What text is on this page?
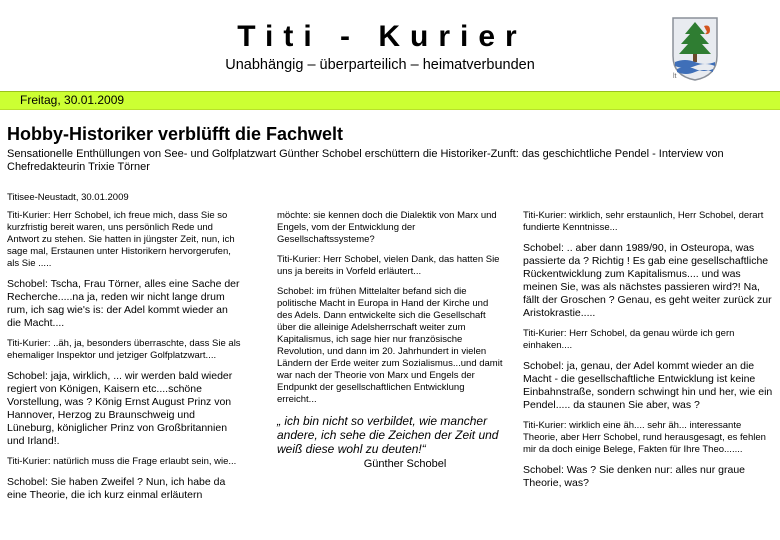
Titi - Kurier
Unabhängig – überparteilich – heimatverbunden
lt
Freitag, 30.01.2009
Hobby-Historiker verblüfft die Fachwelt
Sensationelle Enthüllungen von See- und Golfplatzwart Günther Schobel erschüttern die Historiker-Zunft: das geschichtliche Pendel - Interview von Chefredakteurin Trixie Törner
Titisee-Neustadt, 30.01.2009

Titi-Kurier: Herr Schobel, ich freue mich, dass Sie so kurzfristig bereit waren, uns persönlich Rede und Antwort zu stehen. Sie hatten in jüngster Zeit, nun, ich sage mal, Erstaunen unter Historikern hervorgerufen, als Sie .....

Schobel: Tscha, Frau Törner, alles eine Sache der Recherche.....na ja, reden wir nicht lange drum rum, ich sag wie's is: der Adel kommt wieder an die Macht....

Titi-Kurier: ..äh, ja, besonders überraschte, dass Sie als ehemaliger Inspektor und jetziger Golfplatzwart....

Schobel: jaja, wirklich, ... wir werden bald wieder regiert von Königen, Kaisern etc....schöne Vorstellung, was ? König Ernst August Prinz von Hannover, Herzog zu Braunschweig und Lüneburg, königlicher Prinz von Großbritannien und Irland!.

Titi-Kurier: natürlich muss die Frage erlaubt sein, wie...

Schobel: Sie haben Zweifel ? Nun, ich habe da eine Theorie, die ich kurz einmal erläutern

möchte: sie kennen doch die Dialektik von Marx und Engels, vom der Entwicklung der Gesellschaftssysteme?

Titi-Kurier: Herr Schobel, vielen Dank, das hatten Sie uns ja bereits in Vorfeld erläutert...

Schobel: im frühen Mittelalter befand sich die politische Macht in Europa in Hand der Kirche und des Adels. Dann entwickelte sich die Gesellschaft über die alleinige Adelsherrschaft weiter zum Kapitalismus, ich sage hier nur französische Revolution, und dann im 20. Jahrhundert in vielen Ländern der Erde weiter zum Sozialismus...und damit war nach der Theorie von Marx und Engels der Endpunkt der gesellschaftlichen Entwicklung erreicht...

„ ich bin nicht so verbildet, wie mancher andere, ich sehe die Zeichen der Zeit und weiß diese wohl zu deuten!“

Günther Schobel

Titi-Kurier: wirklich, sehr erstaunlich, Herr Schobel, derart fundierte Kenntnisse...

Schobel: .. aber dann 1989/90, in Osteuropa, was passierte da ? Richtig ! Es gab eine gesellschaftliche Rückentwicklung zum Kapitalismus.... und was meinen Sie, was als nächstes passieren wird?! Na, fällt der Groschen ? Genau, es geht weiter zurück zur Aristokrastie.....

Titi-Kurier: Herr Schobel, da genau würde ich gern einhaken....

Schobel: ja, genau, der Adel kommt wieder an die Macht - die gesellschaftliche Entwicklung ist keine Einbahnstraße, sondern schwingt hin und her, wie ein Pendel..... da staunen Sie aber, was ?

Titi-Kurier: wirklich eine äh.... sehr äh... interessante Theorie, aber Herr Schobel, rund herausgesagt, es fehlen mir da doch einige Belege, Fakten für Ihre Theo.......

Schobel: Was ? Sie denken nur: alles nur graue Theorie, was?
